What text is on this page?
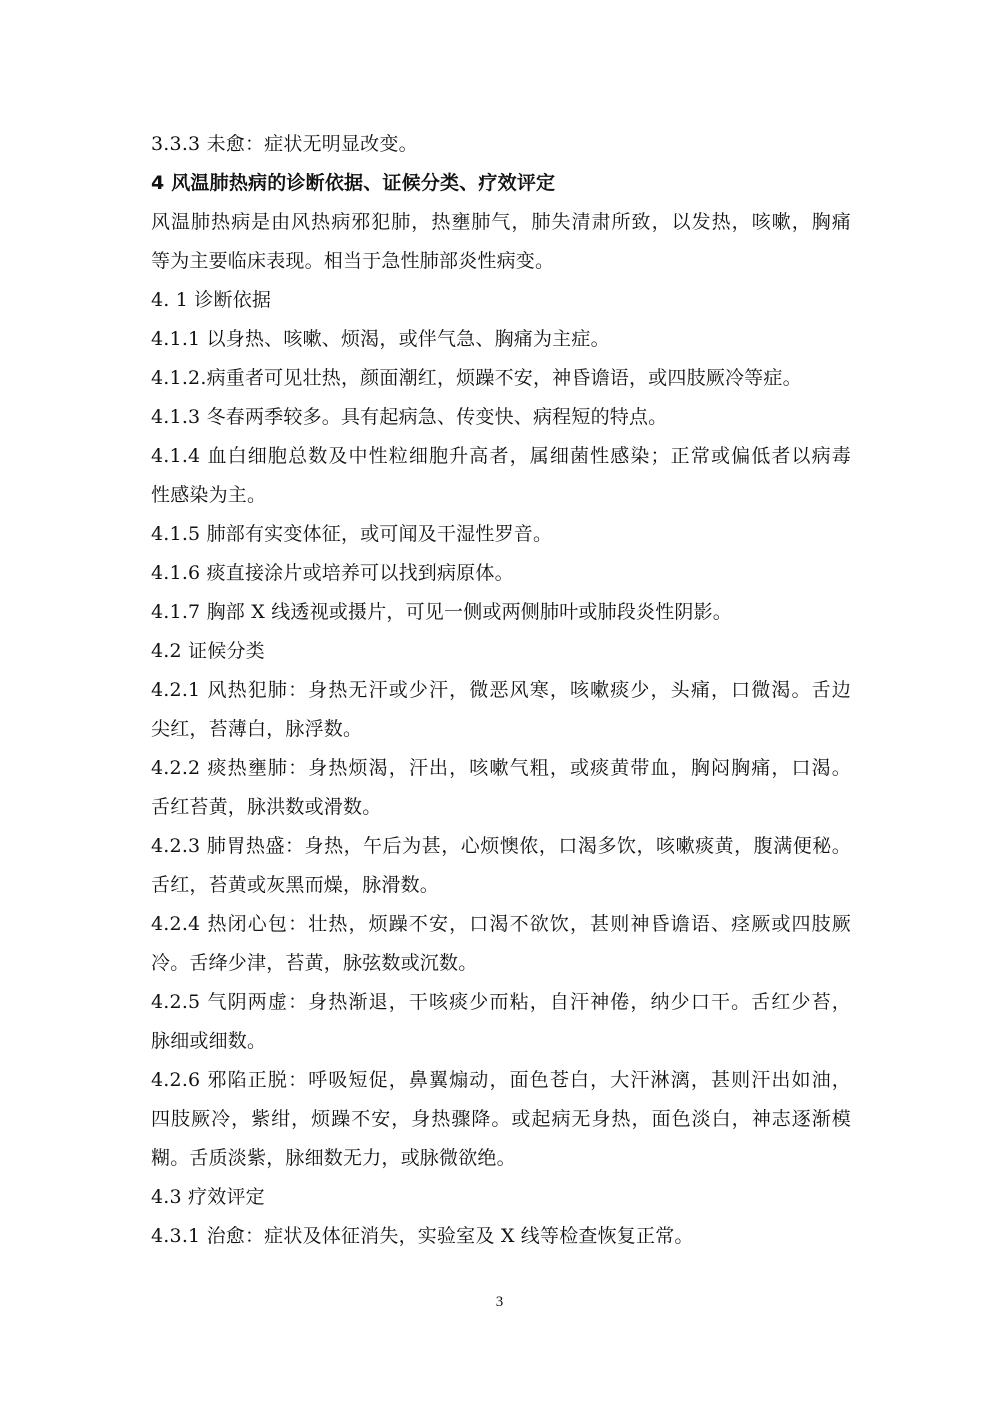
3.3.3 未愈：症状无明显改变。
4 风温肺热病的诊断依据、证候分类、疗效评定
风温肺热病是由风热病邪犯肺，热壅肺气，肺失清肃所致，以发热，咳嗽，胸痛
等为主要临床表现。相当于急性肺部炎性病变。
4. 1 诊断依据
4.1.1 以身热、咳嗽、烦渴，或伴气急、胸痛为主症。
4.1.2.病重者可见壮热，颜面潮红，烦躁不安，神昏谵语，或四肢厥冷等症。
4.1.3 冬春两季较多。具有起病急、传变快、病程短的特点。
4.1.4 血白细胞总数及中性粒细胞升高者，属细菌性感染；正常或偏低者以病毒
性感染为主。
4.1.5 肺部有实变体征，或可闻及干湿性罗音。
4.1.6 痰直接涂片或培养可以找到病原体。
4.1.7 胸部 X 线透视或摄片，可见一侧或两侧肺叶或肺段炎性阴影。
4.2 证候分类
4.2.1 风热犯肺：身热无汗或少汗，微恶风寒，咳嗽痰少，头痛，口微渴。舌边
尖红，苔薄白，脉浮数。
4.2.2 痰热壅肺：身热烦渴，汗出，咳嗽气粗，或痰黄带血，胸闷胸痛，口渴。
舌红苔黄，脉洪数或滑数。
4.2.3 肺胃热盛：身热，午后为甚，心烦懊侬，口渴多饮，咳嗽痰黄，腹满便秘。
舌红，苔黄或灰黑而燥，脉滑数。
4.2.4 热闭心包：壮热，烦躁不安，口渴不欲饮，甚则神昏谵语、痉厥或四肢厥
冷。舌绛少津，苔黄，脉弦数或沉数。
4.2.5 气阴两虚：身热渐退，干咳痰少而粘，自汗神倦，纳少口干。舌红少苔，
脉细或细数。
4.2.6 邪陷正脱：呼吸短促，鼻翼煽动，面色苍白，大汗淋漓，甚则汗出如油，
四肢厥冷，紫绀，烦躁不安，身热骤降。或起病无身热，面色淡白，神志逐渐模
糊。舌质淡紫，脉细数无力，或脉微欲绝。
4.3 疗效评定
4.3.1 治愈：症状及体征消失，实验室及 X 线等检查恢复正常。
3
